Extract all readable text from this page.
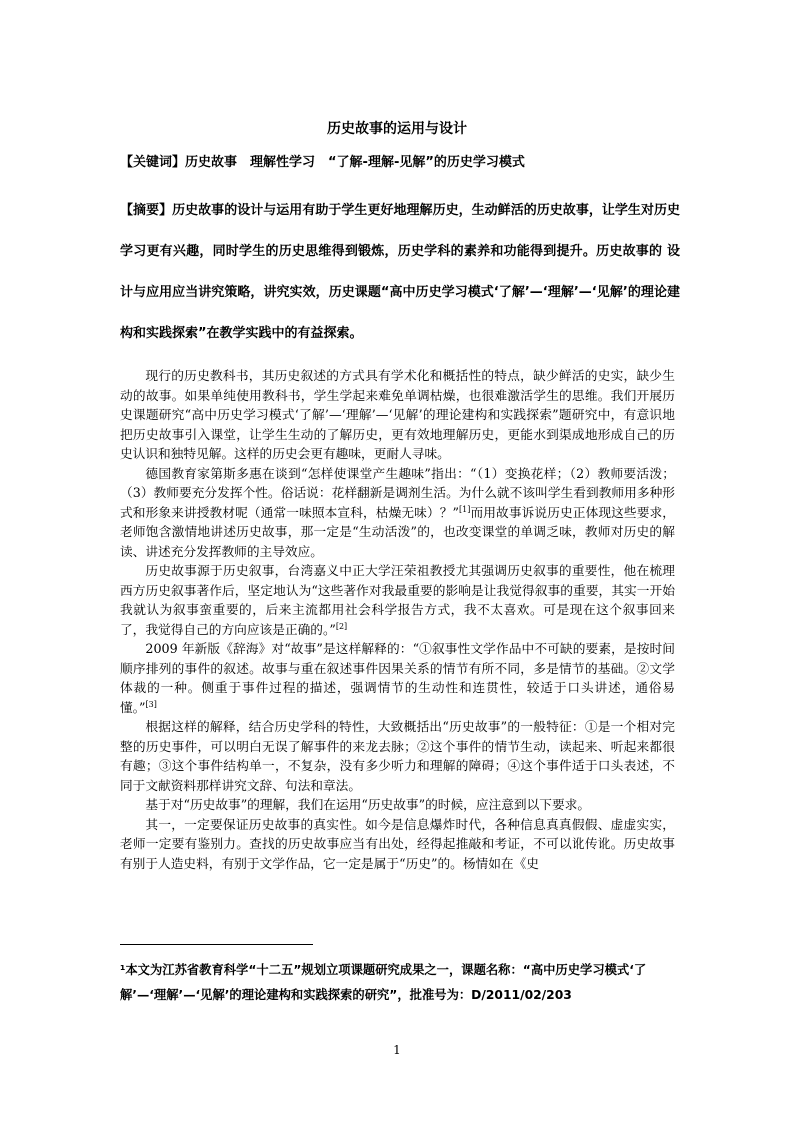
历史故事的运用与设计
【关键词】历史故事　理解性学习　“了解-理解-见解”的历史学习模式
【摘要】历史故事的设计与运用有助于学生更好地理解历史，生动鲜活的历史故事，让学生对历史学习更有兴趣，同时学生的历史思维得到锻炼，历史学科的素养和功能得到提升。历史故事的 设计与应用应当讲究策略，讲究实效，历史课题“高中历史学习模式‘了解’—‘理解’—‘见解’的理论建构和实践探索”在教学实践中的有益探索。

现行的历史教科书，其历史叙述的方式具有学术化和概括性的特点，缺少鲜活的史实，缺少生动的故事。如果单纯使用教科书，学生学起来难免单调枯燥，也很难激活学生的思维。我们开展历史课题研究“高中历史学习模式‘了解’—‘理解’—‘见解’的理论建构和实践探索”题研究中，有意识地把历史故事引入课堂，让学生生动的了解历史，更有效地理解历史，更能水到渠成地形成自己的历史认识和独特见解。这样的历史会更有趣味，更耐人寻味。

德国教育家第斯多惠在谈到“怎样使课堂产生趣味”指出：“（1）变换花样；（2）教师要活泼；（3）教师要充分发挥个性。俗话说：花样翻新是调剂生活。为什么就不该叫学生看到教师用多种形式和形象来讲授教材呢（通常一味照本宣科，枯燥无味）？”[1]而用故事诉说历史正体现这些要求，老师饱含激情地讲述历史故事，那一定是“生动活泼”的，也改变课堂的单调乏味，教师对历史的解读、讲述充分发挥教师的主导效应。

历史故事源于历史叙事，台湾嘉义中正大学汪荣祖教授尤其强调历史叙事的重要性，他在梳理西方历史叙事著作后，坚定地认为“这些著作对我最重要的影响是让我觉得叙事的重要，其实一开始我就认为叙事蛮重要的，后来主流都用社会科学报告方式，我不太喜欢。可是现在这个叙事回来了，我觉得自己的方向应该是正确的。”[2]

2009 年新版《辞海》对“故事”是这样解释的：“①叙事性文学作品中不可缺的要素，是按时间顺序排列的事件的叙述。故事与重在叙述事件因果关系的情节有所不同，多是情节的基础。②文学体裁的一种。侧重于事件过程的描述，强调情节的生动性和连贯性，较适于口头讲述，通俗易懂。”[3]

根据这样的解释，结合历史学科的特性，大致概括出“历史故事”的一般特征：①是一个相对完整的历史事件，可以明白无误了解事件的来龙去脉；②这个事件的情节生动，读起来、听起来都很有趣；③这个事件结构单一，不复杂，没有多少听力和理解的障碍；④这个事件适于口头表述，不同于文献资料那样讲究文辞、句法和章法。

基于对“历史故事”的理解，我们在运用“历史故事”的时候，应注意到以下要求。

其一，一定要保证历史故事的真实性。如今是信息爆炸时代，各种信息真真假假、虚虚实实，老师一定要有鉴别力。查找的历史故事应当有出处，经得起推敲和考证，不可以讹传讹。历史故事有别于人造史料，有别于文学作品，它一定是属于“历史”的。杨情如在《史

¹本文为江苏省教育科学“十二五”规划立项课题研究成果之一，课题名称：“高中历史学习模式‘了解’—‘理解’—‘见解’的理论建构和实践探索的研究”，批准号为：D/2011/02/203
1
